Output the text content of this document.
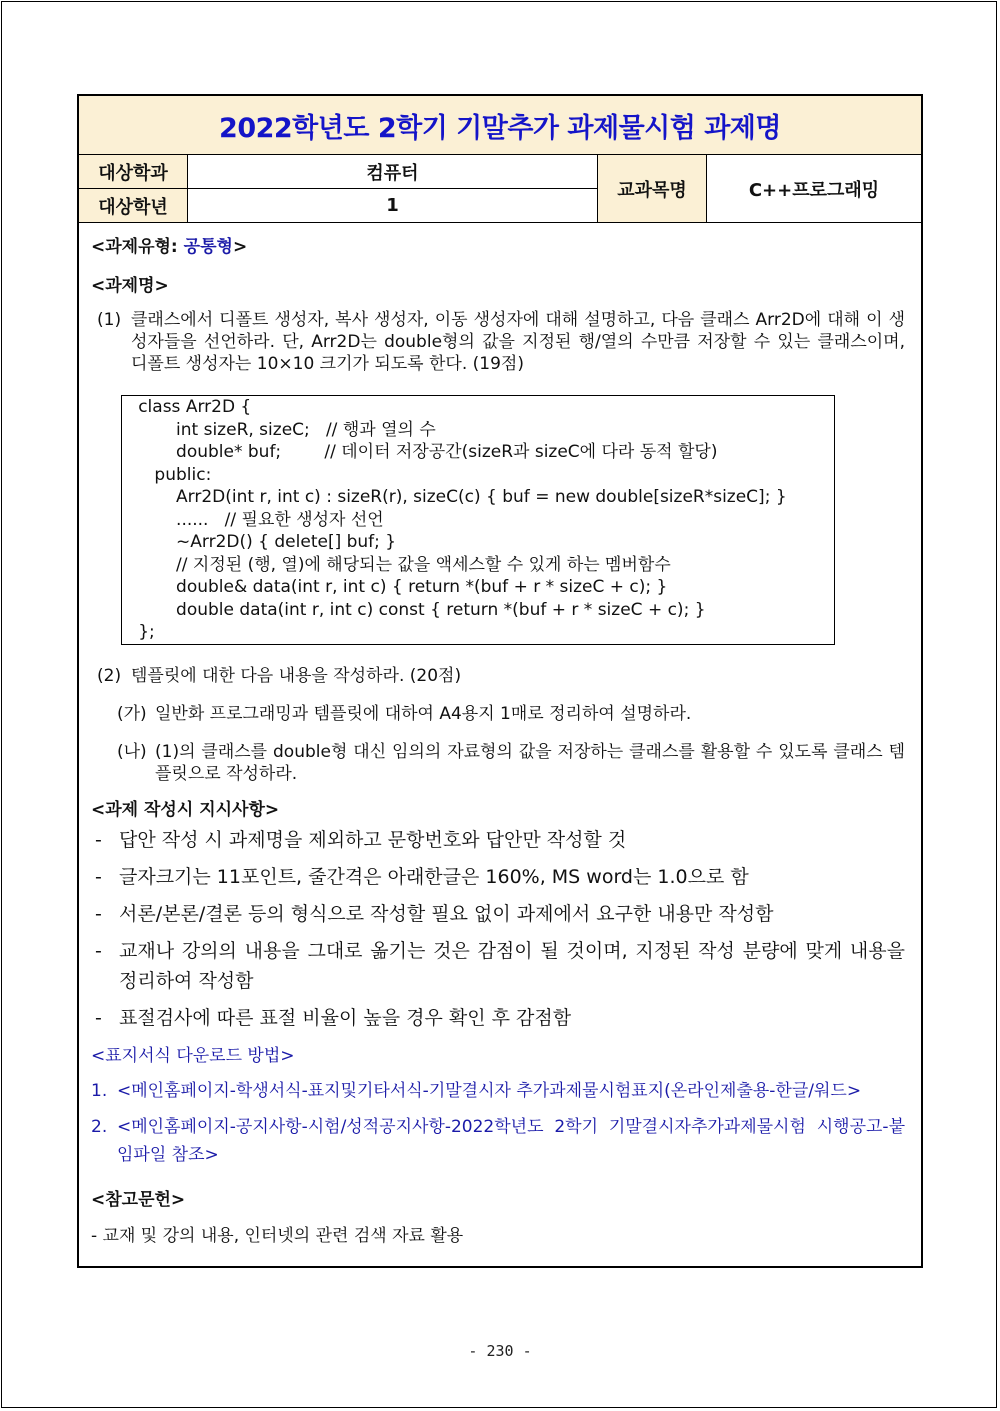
2022학년도 2학기 기말추가 과제물시험 과제명
대상학과	컴퓨터
대상학년	1
교과목명	C++프로그래밍
<과제유형: 공통형>
<과제명>
(1) 클래스에서 디폴트 생성자, 복사 생성자, 이동 생성자에 대해 설명하고, 다음 클래스 Arr2D에 대해 이 생성자들을 선언하라. 단, Arr2D는 double형의 값을 지정된 행/열의 수만큼 저장할 수 있는 클래스이며, 디폴트 생성자는 10×10 크기가 되도록 한다. (19점)
class Arr2D {
int sizeR, sizeC;   // 행과 열의 수
double* buf;        // 데이터 저장공간(sizeR과 sizeC에 다라 동적 할당)
public:
Arr2D(int r, int c) : sizeR(r), sizeC(c) { buf = new double[sizeR*sizeC]; }
......   // 필요한 생성자 선언
~Arr2D() { delete[] buf; }
// 지정된 (행, 열)에 해당되는 값을 액세스할 수 있게 하는 멤버함수
double& data(int r, int c) { return *(buf + r * sizeC + c); }
double data(int r, int c) const { return *(buf + r * sizeC + c); }
};
(2) 템플릿에 대한 다음 내용을 작성하라. (20점)
(가) 일반화 프로그래밍과 템플릿에 대하여 A4용지 1매로 정리하여 설명하라.
(나) (1)의 클래스를 double형 대신 임의의 자료형의 값을 저장하는 클래스를 활용할 수 있도록 클래스 템플릿으로 작성하라.
<과제 작성시 지시사항>
- 답안 작성 시 과제명을 제외하고 문항번호와 답안만 작성할 것
- 글자크기는 11포인트, 줄간격은 아래한글은 160%, MS word는 1.0으로 함
- 서론/본론/결론 등의 형식으로 작성할 필요 없이 과제에서 요구한 내용만 작성함
- 교재나 강의의 내용을 그대로 옮기는 것은 감점이 될 것이며, 지정된 작성 분량에 맞게 내용을 정리하여 작성함
- 표절검사에 따른 표절 비율이 높을 경우 확인 후 감점함
<표지서식 다운로드 방법>
1. <메인홈페이지-학생서식-표지및기타서식-기말결시자 추가과제물시험표지(온라인제출용-한글/워드>
2. <메인홈페이지-공지사항-시험/성적공지사항-2022학년도 2학기 기말결시자추가과제물시험 시행공고-붙임파일 참조>
<참고문헌>
- 교재 및 강의 내용, 인터넷의 관련 검색 자료 활용
- 230 -
